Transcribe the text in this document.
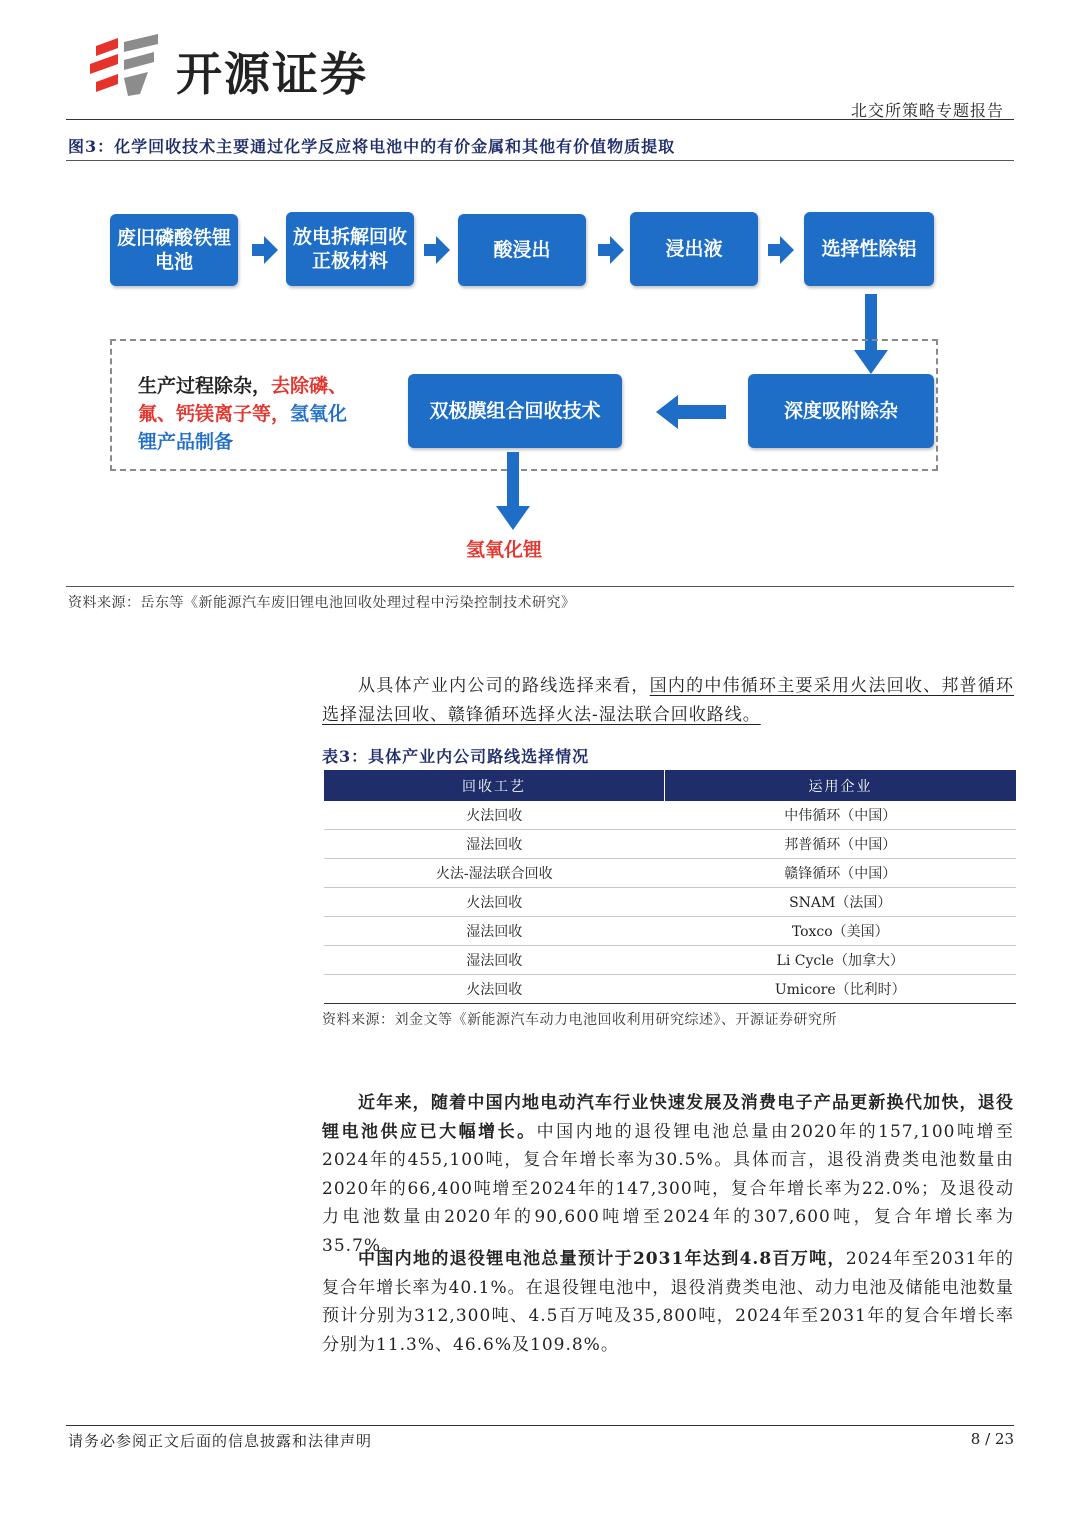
开源证券
北交所策略专题报告
图3：化学回收技术主要通过化学反应将电池中的有价金属和其他有价值物质提取
废旧磷酸铁锂
电池
放电拆解回收
正极材料	酸浸出	浸出液	选择性除铝
深度吸附除杂
双极膜组合回收技术
生产过程除杂，去除磷、氟、钙镁离子等，氢氧化锂产品制备
氢氧化锂
资料来源：岳东等《新能源汽车废旧锂电池回收处理过程中污染控制技术研究》
从具体产业内公司的路线选择来看，国内的中伟循环主要采用火法回收、邦普循环选择湿法回收、赣锋循环选择火法-湿法联合回收路线。
表3：具体产业内公司路线选择情况
回收工艺	运用企业
火法回收	中伟循环（中国）
湿法回收	邦普循环（中国）
火法-湿法联合回收	赣锋循环（中国）
火法回收	SNAM（法国）
湿法回收	Toxco（美国）
湿法回收	Li Cycle（加拿大）
火法回收	Umicore（比利时）
资料来源：刘金文等《新能源汽车动力电池回收利用研究综述》、开源证券研究所
近年来，随着中国内地电动汽车行业快速发展及消费电子产品更新换代加快，退役锂电池供应已大幅增长。中国内地的退役锂电池总量由2020年的157,100吨增至2024年的455,100吨，复合年增长率为30.5%。具体而言，退役消费类电池数量由2020年的66,400吨增至2024年的147,300吨，复合年增长率为22.0%；及退役动力电池数量由2020年的90,600吨增至2024年的307,600吨，复合年增长率为35.7%。
中国内地的退役锂电池总量预计于2031年达到4.8百万吨，2024年至2031年的复合年增长率为40.1%。在退役锂电池中，退役消费类电池、动力电池及储能电池数量预计分别为312,300吨、4.5百万吨及35,800吨，2024年至2031年的复合年增长率分别为11.3%、46.6%及109.8%。
请务必参阅正文后面的信息披露和法律声明	8 / 23
